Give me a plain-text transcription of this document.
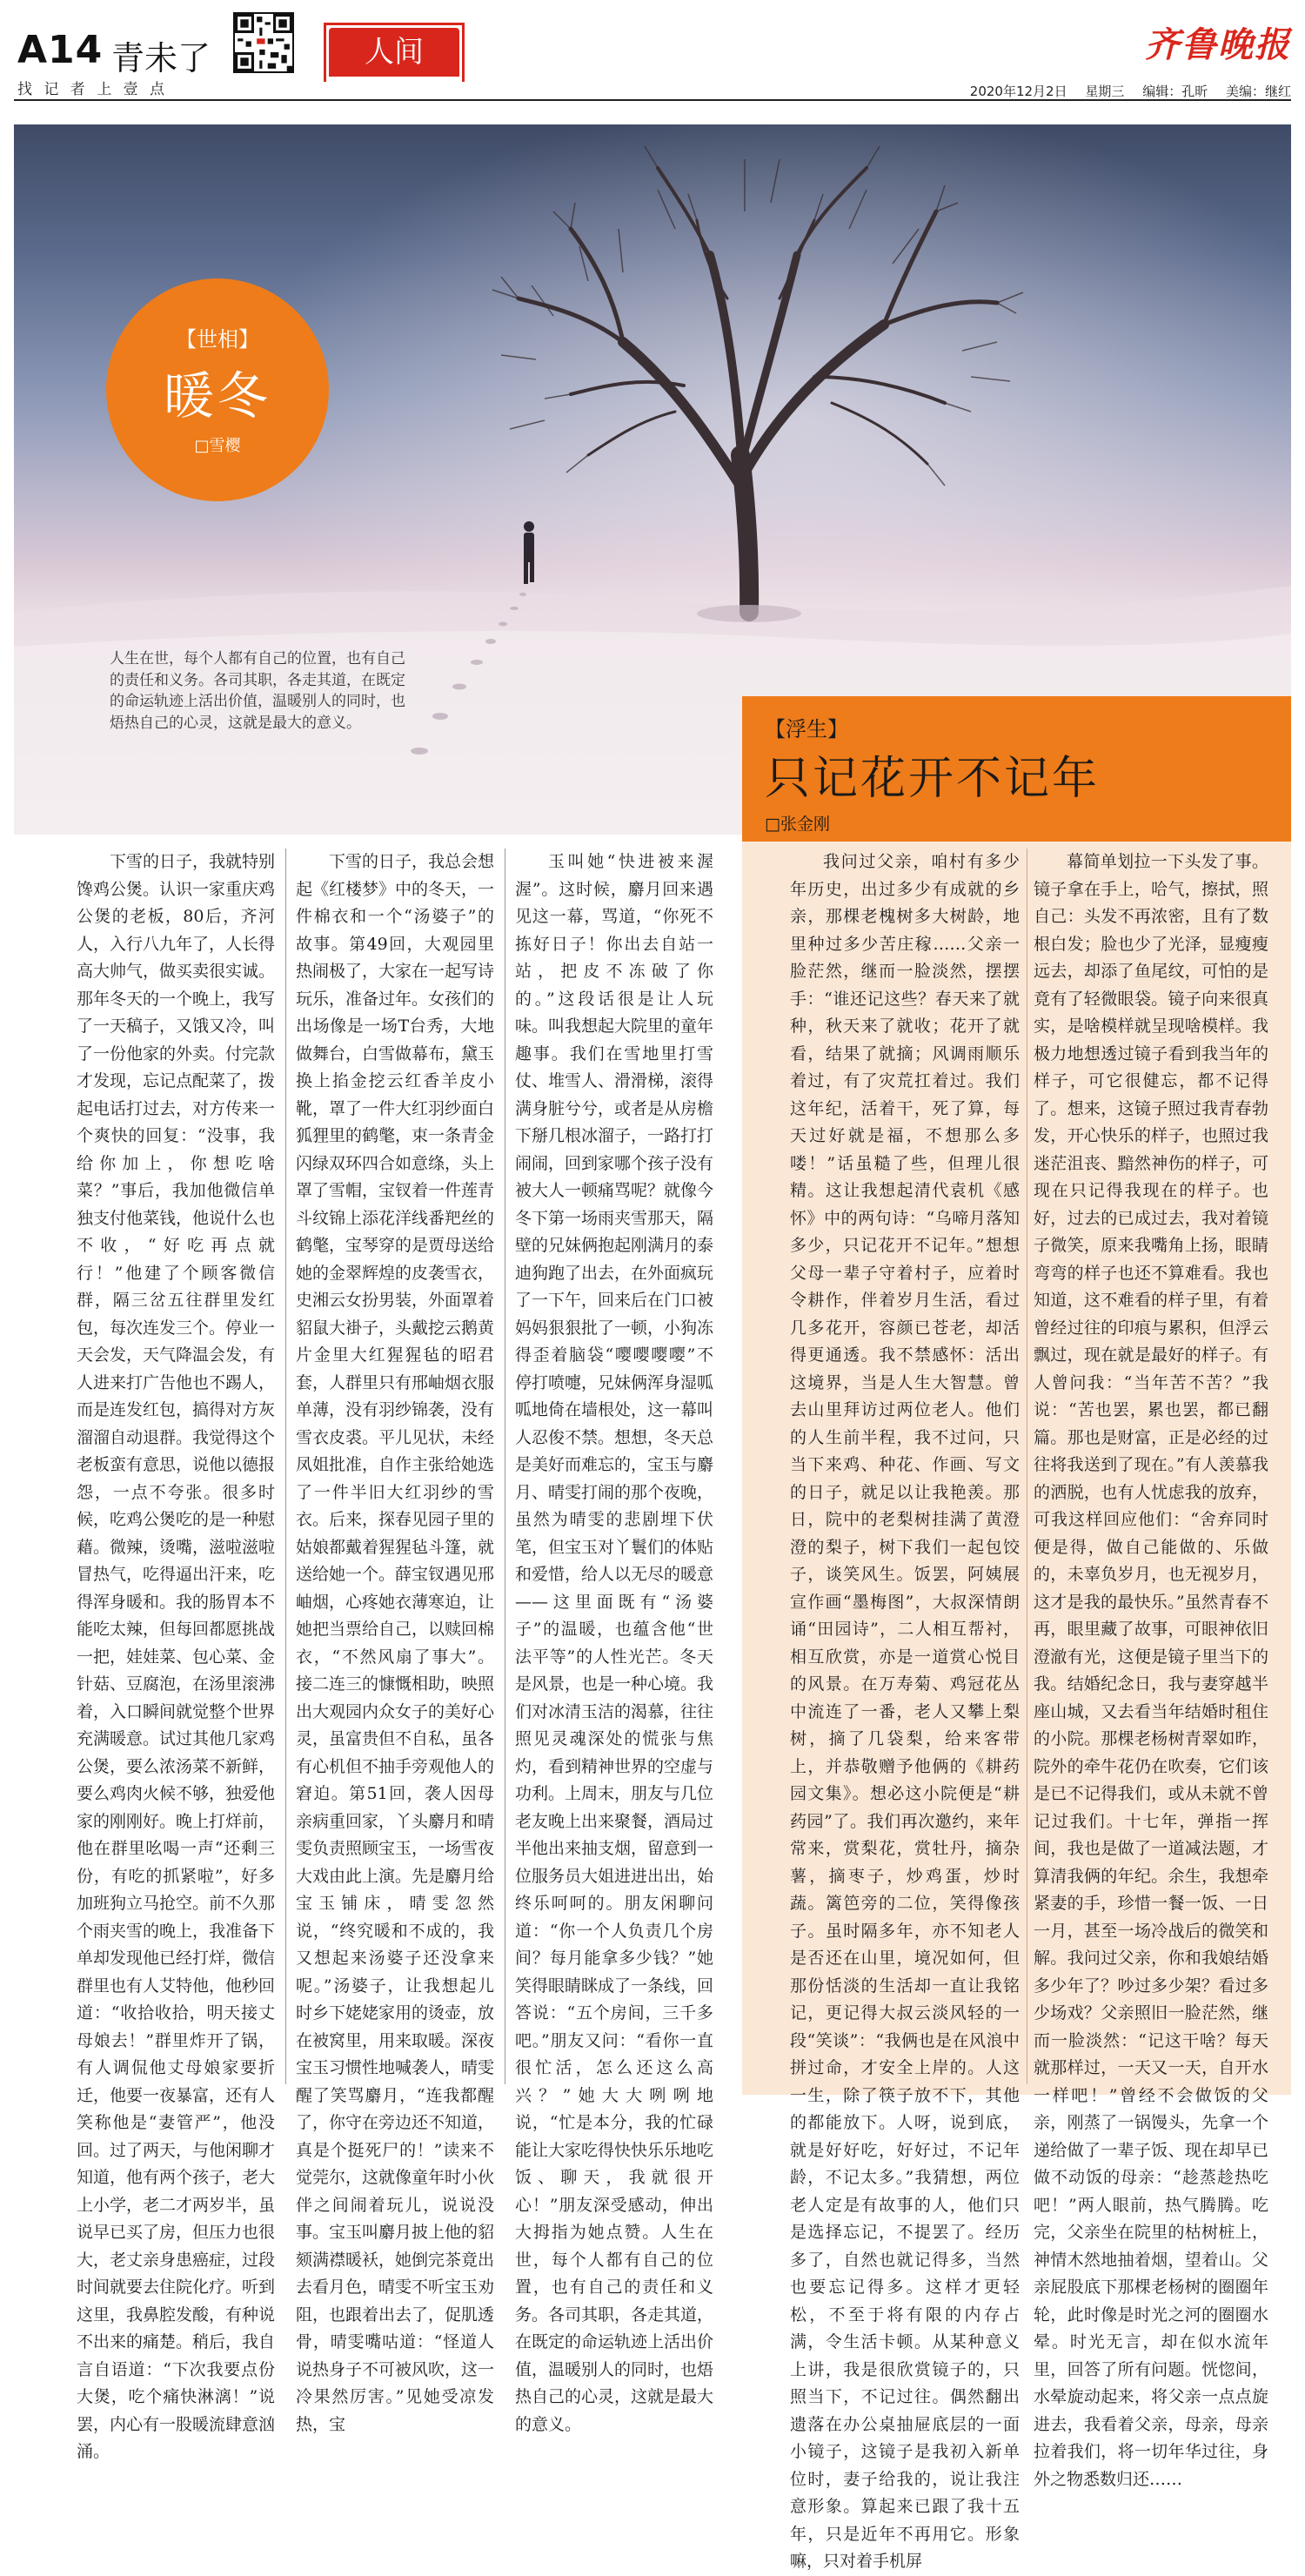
A14 青未了
找 记 者 上 壹 点
人间	齐鲁晚报
2020年12月2日 星期三 编辑：孔昕 美编：继红
人生在世，每个人都有自己的位置，也有自己的责任和义务。各司其职，各走其道，在既定的命运轨迹上活出价值，温暖别人的同时，也焐热自己的心灵，这就是最大的意义。
【世相】
暖冬
□雪樱
【浮生】
只记花开不记年
□张金刚

下雪的日子，我就特别馋鸡公煲。认识一家重庆鸡公煲的老板，80后，齐河人，入行八九年了，人长得高大帅气，做买卖很实诚。那年冬天的一个晚上，我写了一天稿子，又饿又冷，叫了一份他家的外卖。付完款才发现，忘记点配菜了，拨起电话打过去，对方传来一个爽快的回复：“没事，我给你加上，你想吃啥菜？”事后，我加他微信单独支付他菜钱，他说什么也不收，“好吃再点就行！”他建了个顾客微信群，隔三岔五往群里发红包，每次连发三个。停业一天会发，天气降温会发，有人进来打广告他也不踢人，而是连发红包，搞得对方灰溜溜自动退群。我觉得这个老板蛮有意思，说他以德报怨，一点不夸张。很多时候，吃鸡公煲吃的是一种慰藉。微辣，烫嘴，滋啦滋啦冒热气，吃得逼出汗来，吃得浑身暖和。我的肠胃本不能吃太辣，但每回都愿挑战一把，娃娃菜、包心菜、金针菇、豆腐泡，在汤里滚沸着，入口瞬间就觉整个世界充满暖意。试过其他几家鸡公煲，要么浓汤菜不新鲜，要么鸡肉火候不够，独爱他家的刚刚好。晚上打烊前，他在群里吆喝一声“还剩三份，有吃的抓紧啦”，好多加班狗立马抢空。前不久那个雨夹雪的晚上，我准备下单却发现他已经打烊，微信群里也有人艾特他，他秒回道：“收拾收拾，明天接丈母娘去！”群里炸开了锅，有人调侃他丈母娘家要折迁，他要一夜暴富，还有人笑称他是“妻管严”，他没回。过了两天，与他闲聊才知道，他有两个孩子，老大上小学，老二才两岁半，虽说早已买了房，但压力也很大，老丈亲身患癌症，过段时间就要去住院化疗。听到这里，我鼻腔发酸，有种说不出来的痛楚。稍后，我自言自语道：“下次我要点份大煲，吃个痛快淋漓！”说罢，内心有一股暖流肆意汹涌。

下雪的日子，我总会想起《红楼梦》中的冬天，一件棉衣和一个“汤婆子”的故事。第49回，大观园里热闹极了，大家在一起写诗玩乐，准备过年。女孩们的出场像是一场T台秀，大地做舞台，白雪做幕布，黛玉换上掐金挖云红香羊皮小靴，罩了一件大红羽纱面白狐狸里的鹤氅，束一条青金闪绿双环四合如意绦，头上罩了雪帽，宝钗着一件莲青斗纹锦上添花洋线番羓丝的鹤氅，宝琴穿的是贾母送给她的金翠辉煌的皮袭雪衣，史湘云女扮男装，外面罩着貂鼠大褂子，头戴挖云鹅黄片金里大红猩猩毡的昭君套，人群里只有邢岫烟衣服单薄，没有羽纱锦袭，没有雪衣皮裘。平儿见状，未经凤姐批准，自作主张给她选了一件半旧大红羽纱的雪衣。后来，探春见园子里的姑娘都戴着猩猩毡斗篷，就送给她一个。薛宝钗遇见邢岫烟，心疼她衣薄寒迫，让她把当票给自己，以赎回棉衣，“不然风扇了事大”。接二连三的慷慨相助，映照出大观园内众女子的美好心灵，虽富贵但不自私，虽各有心机但不抽手旁观他人的窘迫。第51回，袭人因母亲病重回家，丫头麝月和晴雯负责照顾宝玉，一场雪夜大戏由此上演。先是麝月给宝玉铺床，晴雯忽然说，“终究暖和不成的，我又想起来汤婆子还没拿来呢。”汤婆子，让我想起儿时乡下姥姥家用的烫壶，放在被窝里，用来取暖。深夜宝玉习惯性地喊袭人，晴雯醒了笑骂麝月，“连我都醒了，你守在旁边还不知道，真是个挺死尸的！”读来不觉莞尔，这就像童年时小伙伴之间闹着玩儿，说说没事。宝玉叫麝月披上他的貂颏满襟暖袄，她倒完茶竟出去看月色，晴雯不听宝玉劝阻，也跟着出去了，促肌透骨，晴雯嘴咕道：“怪道人说热身子不可被风吹，这一冷果然厉害。”见她受凉发热，宝

玉叫她“快进被来渥渥”。这时候，麝月回来遇见这一幕，骂道，“你死不拣好日子！你出去自站一站，把皮不冻破了你的。”这段话很是让人玩味。叫我想起大院里的童年趣事。我们在雪地里打雪仗、堆雪人、滑滑梯，滚得满身脏兮兮，或者是从房檐下掰几根冰溜子，一路打打闹闹，回到家哪个孩子没有被大人一顿痛骂呢？就像今冬下第一场雨夹雪那天，隔壁的兄妹俩抱起刚满月的泰迪狗跑了出去，在外面疯玩了一下午，回来后在门口被妈妈狠狠批了一顿，小狗冻得歪着脑袋“嘤嘤嘤嘤”不停打喷嚏，兄妹俩浑身湿呱呱地倚在墙根处，这一幕叫人忍俊不禁。想想，冬天总是美好而难忘的，宝玉与麝月、晴雯打闹的那个夜晚，虽然为晴雯的悲剧埋下伏笔，但宝玉对丫鬟们的体贴和爱惜，给人以无尽的暖意——这里面既有“汤婆子”的温暖，也蕴含他“世法平等”的人性光芒。冬天是风景，也是一种心境。我们对冰清玉洁的渴慕，往往照见灵魂深处的慌张与焦灼，看到精神世界的空虚与功利。上周末，朋友与几位老友晚上出来聚餐，酒局过半他出来抽支烟，留意到一位服务员大姐进进出出，始终乐呵呵的。朋友闲聊问道：“你一个人负责几个房间？每月能拿多少钱？”她笑得眼睛眯成了一条线，回答说：“五个房间，三千多吧。”朋友又问：“看你一直很忙活，怎么还这么高兴？”她大大咧咧地说，“忙是本分，我的忙碌能让大家吃得快快乐乐地吃饭、聊天，我就很开心！”朋友深受感动，伸出大拇指为她点赞。人生在世，每个人都有自己的位置，也有自己的责任和义务。各司其职，各走其道，在既定的命运轨迹上活出价值，温暖别人的同时，也焐热自己的心灵，这就是最大的意义。

我问过父亲，咱村有多少年历史，出过多少有成就的乡亲，那棵老槐树多大树龄，地里种过多少苦庄稼……父亲一脸茫然，继而一脸淡然，摆摆手：“谁还记这些？春天来了就种，秋天来了就收；花开了就看，结果了就摘；风调雨顺乐着过，有了灾荒扛着过。我们这年纪，活着干，死了算，每天过好就是福，不想那么多喽！”话虽糙了些，但理儿很精。这让我想起清代袁机《感怀》中的两句诗：“乌啼月落知多少，只记花开不记年。”想想父母一辈子守着村子，应着时令耕作，伴着岁月生活，看过几多花开，容颜已苍老，却活得更通透。我不禁感怀：活出这境界，当是人生大智慧。曾去山里拜访过两位老人。他们的人生前半程，我不过问，只当下来鸡、种花、作画、写文的日子，就足以让我艳羡。那日，院中的老梨树挂满了黄澄澄的梨子，树下我们一起包饺子，谈笑风生。饭罢，阿姨展宣作画“墨梅图”，大叔深情朗诵“田园诗”，二人相互帮衬，相互欣赏，亦是一道赏心悦目的风景。在万寿菊、鸡冠花丛中流连了一番，老人又攀上梨树，摘了几袋梨，给来客带上，并恭敬赠予他俩的《耕药园文集》。想必这小院便是“耕药园”了。我们再次邀约，来年常来，赏梨花，赏牡丹，摘杂薯，摘枣子，炒鸡蛋，炒时蔬。篱笆旁的二位，笑得像孩子。虽时隔多年，亦不知老人是否还在山里，境况如何，但那份恬淡的生活却一直让我铭记，更记得大叔云淡风轻的一段“笑谈”：“我俩也是在风浪中拼过命，才安全上岸的。人这一生，除了筷子放不下，其他的都能放下。人呀，说到底，就是好好吃，好好过，不记年龄，不记太多。”我猜想，两位老人定是有故事的人，他们只是选择忘记，不提罢了。经历多了，自然也就记得多，当然也要忘记得多。这样才更轻松，不至于将有限的内存占满，令生活卡顿。从某种意义上讲，我是很欣赏镜子的，只照当下，不记过往。偶然翻出遗落在办公桌抽屉底层的一面小镜子，这镜子是我初入新单位时，妻子给我的，说让我注意形象。算起来已跟了我十五年，只是近年不再用它。形象嘛，只对着手机屏

幕简单划拉一下头发了事。镜子拿在手上，哈气，擦拭，照自己：头发不再浓密，且有了数根白发；脸也少了光泽，显瘦瘦远去，却添了鱼尾纹，可怕的是竟有了轻微眼袋。镜子向来很真实，是啥模样就呈现啥模样。我极力地想透过镜子看到我当年的样子，可它很健忘，都不记得了。想来，这镜子照过我青春勃发，开心快乐的样子，也照过我迷茫沮丧、黯然神伤的样子，可现在只记得我现在的样子。也好，过去的已成过去，我对着镜子微笑，原来我嘴角上扬，眼睛弯弯的样子也还不算难看。我也知道，这不难看的样子里，有着曾经过往的印痕与累积，但浮云飘过，现在就是最好的样子。有人曾问我：“当年苦不苦？”我说：“苦也罢，累也罢，都已翻篇。那也是财富，正是必经的过往将我送到了现在。”有人羡慕我的洒脱，也有人忧虑我的放弃，可我这样回应他们：“舍弃同时便是得，做自己能做的、乐做的，未辜负岁月，也无视岁月，这才是我的最快乐。”虽然青春不再，眼里藏了故事，可眼神依旧澄澈有光，这便是镜子里当下的我。结婚纪念日，我与妻穿越半座山城，又去看当年结婚时租住的小院。那棵老杨树青翠如昨，院外的牵牛花仍在吹奏，它们该是已不记得我们，或从未就不曾记过我们。十七年，弹指一挥间，我也是做了一道减法题，才算清我俩的年纪。余生，我想牵紧妻的手，珍惜一餐一饭、一日一月，甚至一场冷战后的微笑和解。我问过父亲，你和我娘结婚多少年了？吵过多少架？看过多少场戏？父亲照旧一脸茫然，继而一脸淡然：“记这干啥？每天就那样过，一天又一天，自开水一样吧！”曾经不会做饭的父亲，刚蒸了一锅馒头，先拿一个递给做了一辈子饭、现在却早已做不动饭的母亲：“趁蒸趁热吃吧！”两人眼前，热气腾腾。吃完，父亲坐在院里的枯树桩上，神情木然地抽着烟，望着山。父亲屁股底下那棵老杨树的圈圈年轮，此时像是时光之河的圈圈水晕。时光无言，却在似水流年里，回答了所有问题。恍惚间，水晕旋动起来，将父亲一点点旋进去，我看着父亲，母亲，母亲拉着我们，将一切年华过往，身外之物悉数归还……
